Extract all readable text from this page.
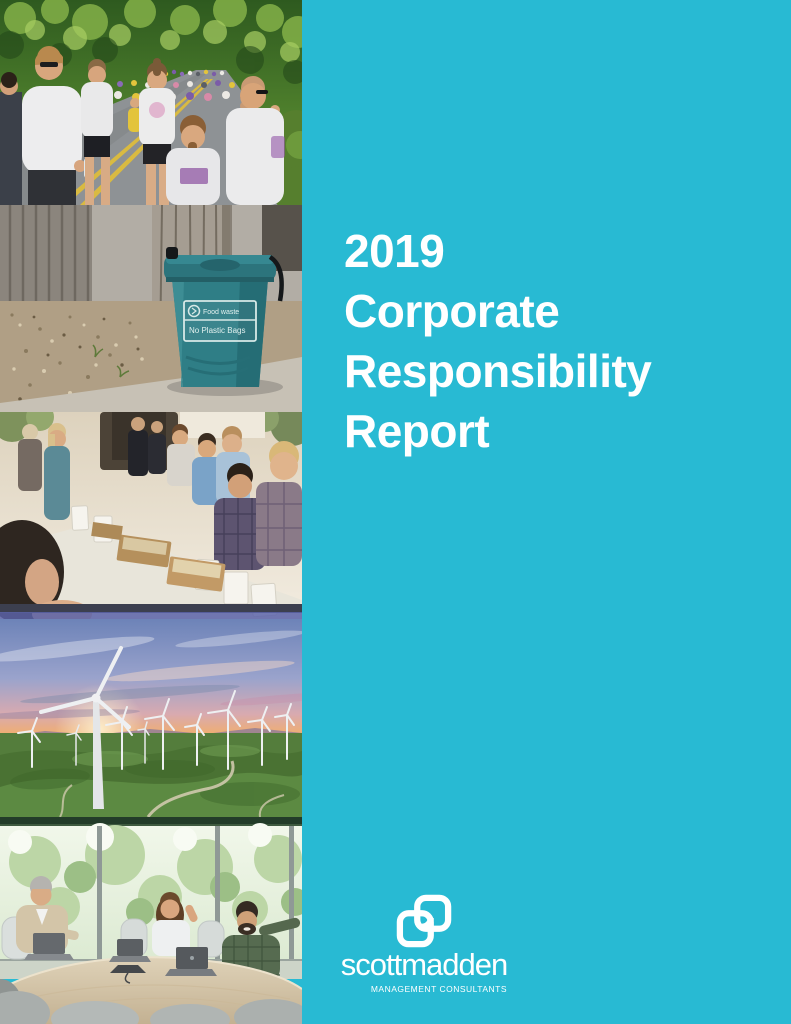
Food waste
No Plastic Bags
2019
Corporate
Responsibility
Report
scottmadden
MANAGEMENT CONSULTANTS
